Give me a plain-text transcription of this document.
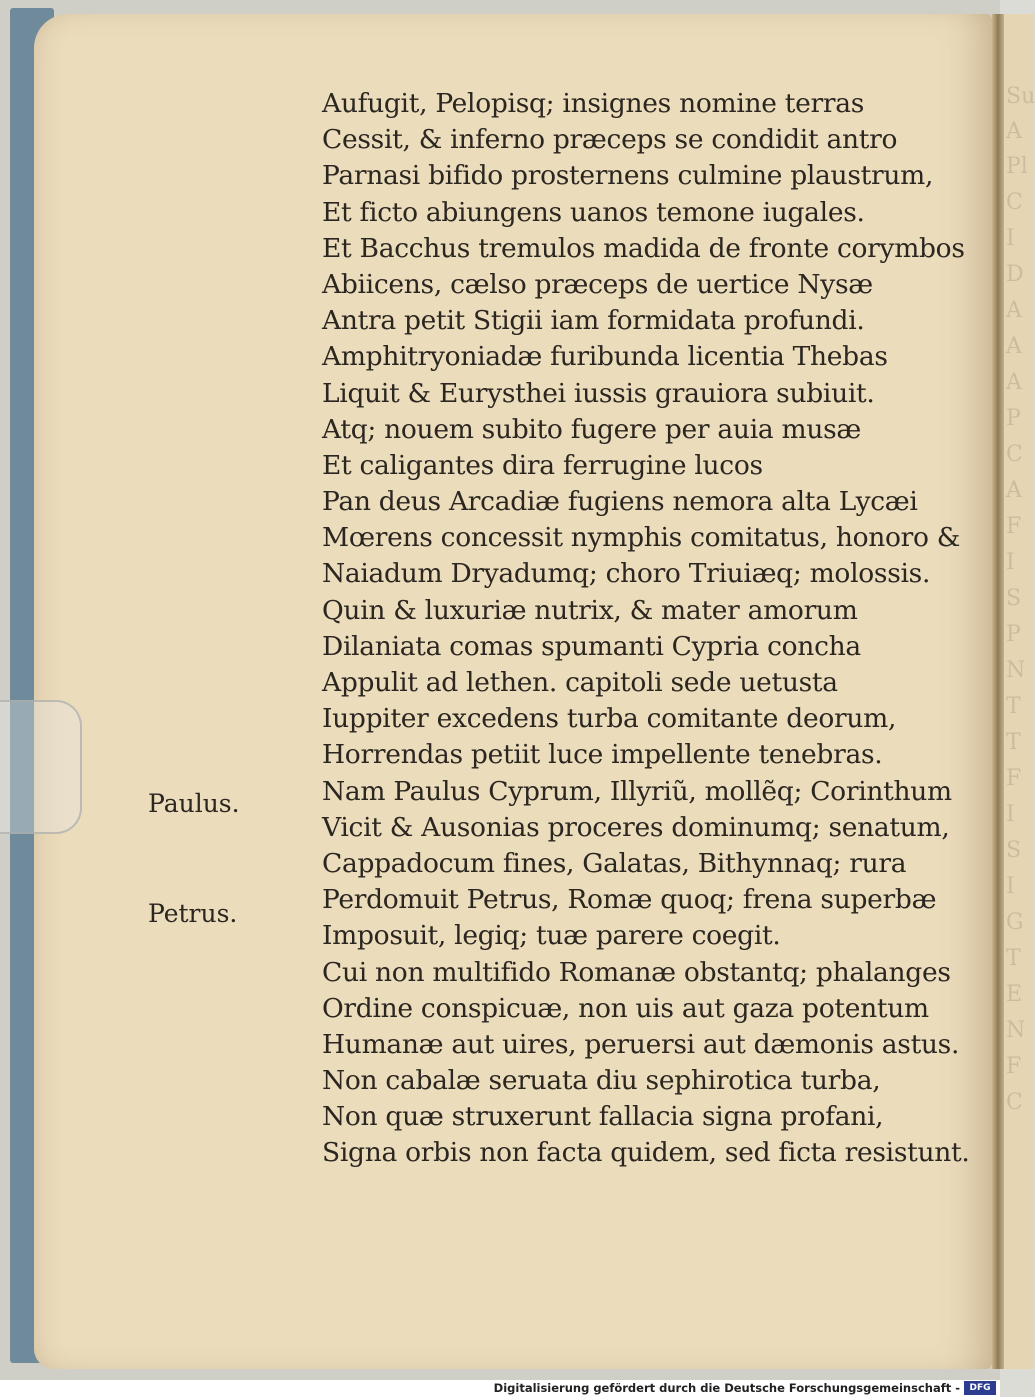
Su
A
Pl
C
I
D
A
A
A
P
C
A
F
I
S
P
N
T
T
F
I
S
I
G
T
E
N
F
C
Paulus.
Petrus.
Aufugit, Pelopisq; insignes nomine terras
Cessit, & inferno præceps se condidit antro
Parnasi bifido prosternens culmine plaustrum,
Et ficto abiungens uanos temone iugales.
Et Bacchus tremulos madida de fronte corymbos
Abiicens, cælso præceps de uertice Nysæ
Antra petit Stigii iam formidata profundi.
Amphitryoniadæ furibunda licentia Thebas
Liquit & Eurysthei iussis grauiora subiuit.
Atq; nouem subito fugere per auia musæ
Et caligantes dira ferrugine lucos
Pan deus Arcadiæ fugiens nemora alta Lycæi
Mœrens concessit nymphis comitatus, honoro &
Naiadum Dryadumq; choro Triuiæq; molossis.
Quin & luxuriæ nutrix, & mater amorum
Dilaniata comas spumanti Cypria concha
Appulit ad lethen. capitoli sede uetusta
Iuppiter excedens turba comitante deorum,
Horrendas petiit luce impellente tenebras.
Nam Paulus Cyprum, Illyriũ, mollẽq; Corinthum
Vicit & Ausonias proceres dominumq; senatum,
Cappadocum fines, Galatas, Bithynnaq; rura
Perdomuit Petrus, Romæ quoq; frena superbæ
Imposuit, legiq; tuæ parere coegit.
Cui non multifido Romanæ obstantq; phalanges
Ordine conspicuæ, non uis aut gaza potentum
Humanæ aut uires, peruersi aut dæmonis astus.
Non cabalæ seruata diu sephirotica turba,
Non quæ struxerunt fallacia signa profani,
Signa orbis non facta quidem, sed ficta resistunt.
Digitalisierung gefördert durch die Deutsche Forschungsgemeinschaft -	DFG
